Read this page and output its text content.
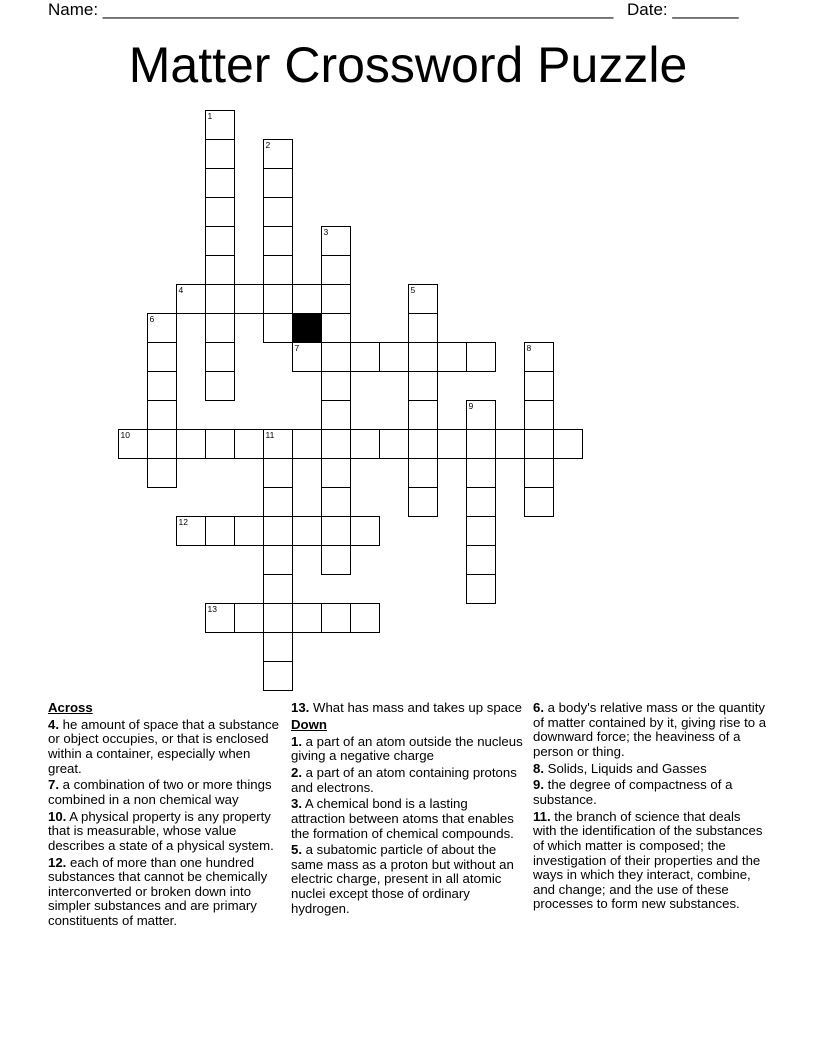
Name: ______________________________________________________ Date: _______
Matter Crossword Puzzle
1
2
3
4	5
6
7	8
9
10	11
12
13

Across

4. he amount of space that a substance or object occupies, or that is enclosed within a container, especially when great.

7. a combination of two or more things combined in a non chemical way

10. A physical property is any property that is measurable, whose value describes a state of a physical system.

12. each of more than one hundred substances that cannot be chemically interconverted or broken down into simpler substances and are primary constituents of matter.

13. What has mass and takes up space

Down

1. a part of an atom outside the nucleus giving a negative charge

2. a part of an atom containing protons and electrons.

3. A chemical bond is a lasting attraction between atoms that enables the formation of chemical compounds.

5. a subatomic particle of about the same mass as a proton but without an electric charge, present in all atomic nuclei except those of ordinary hydrogen.

6. a body's relative mass or the quantity of matter contained by it, giving rise to a downward force; the heaviness of a person or thing.

8. Solids, Liquids and Gasses

9. the degree of compactness of a substance.

11. the branch of science that deals with the identification of the substances of which matter is composed; the investigation of their properties and the ways in which they interact, combine, and change; and the use of these processes to form new substances.
